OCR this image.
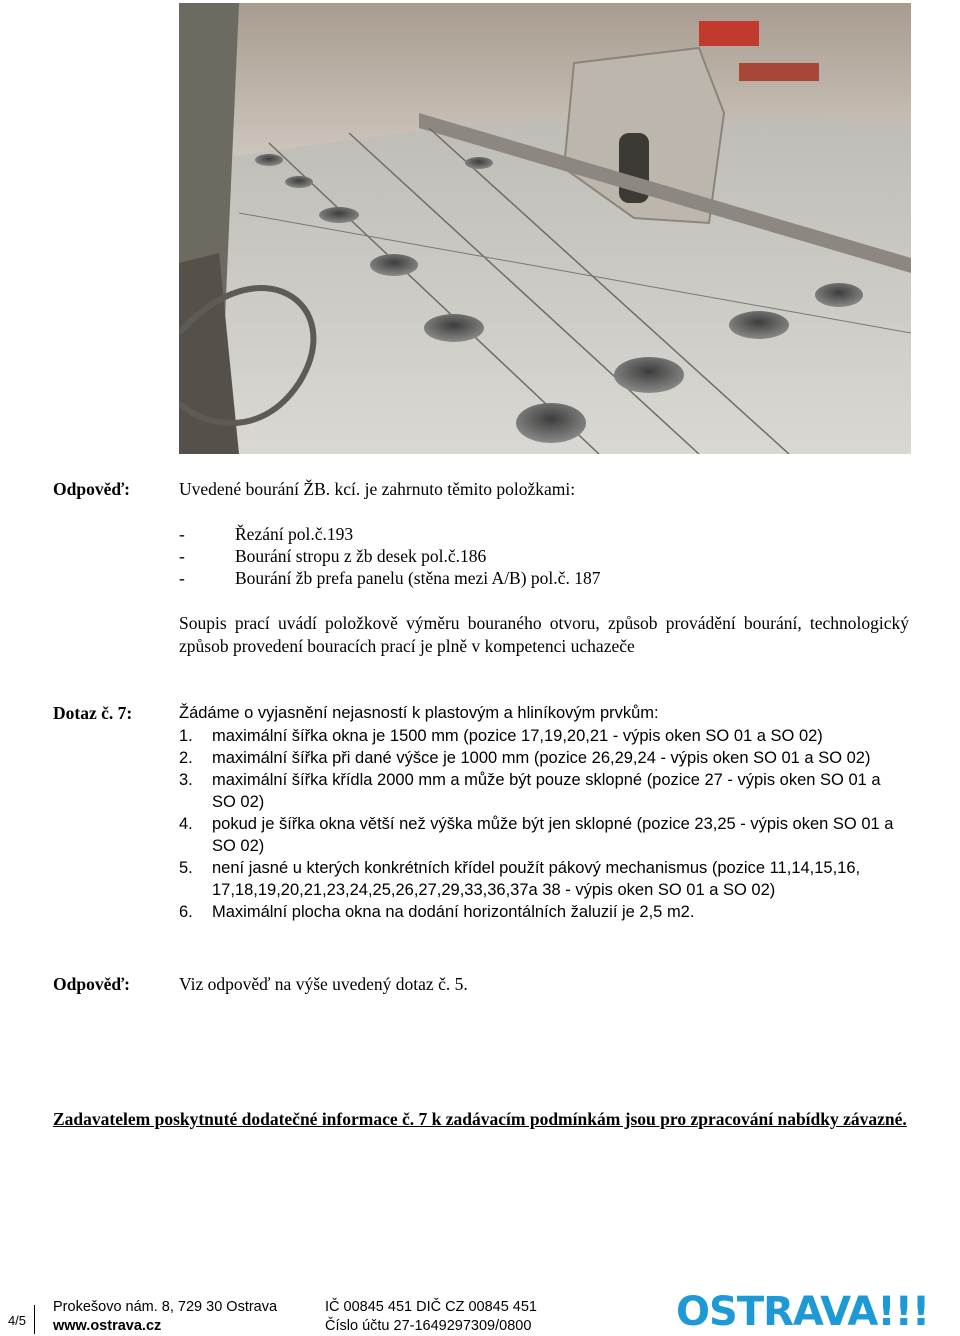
Odpověď:	Uvedené bourání ŽB. kcí. je zahrnuto těmito položkami:
- Řezání pol.č.193
- Bourání stropu z žb desek pol.č.186
- Bourání žb prefa panelu (stěna mezi A/B) pol.č. 187
Soupis prací uvádí položkově výměru bouraného otvoru, způsob provádění bourání, technologický způsob provedení bouracích prací je plně v kompetenci uchazeče
Dotaz č. 7:	Žádáme o vyjasnění nejasností k plastovým a hliníkovým prvkům:
1. maximální šířka okna je 1500 mm (pozice 17,19,20,21 - výpis oken SO 01 a SO 02)
2. maximální šířka při dané výšce je 1000 mm (pozice 26,29,24 - výpis oken SO 01 a SO 02)
3. maximální šířka křídla 2000 mm a může být pouze sklopné (pozice 27 - výpis oken SO 01 a SO 02)
4. pokud je šířka okna větší než výška může být jen sklopné (pozice 23,25 - výpis oken SO 01 a SO 02)
5. není jasné u kterých konkrétních křídel použít pákový mechanismus (pozice 11,14,15,16, 17,18,19,20,21,23,24,25,26,27,29,33,36,37a 38 - výpis oken SO 01 a SO 02)
6. Maximální plocha okna na dodání horizontálních žaluzií je 2,5 m2.
Odpověď:	Viz odpověď na výše uvedený dotaz č. 5.
Zadavatelem poskytnuté dodatečné informace č. 7 k zadávacím podmínkám jsou pro zpracování nabídky závazné.
4/5
Prokešovo nám. 8, 729 30 Ostrava
www.ostrava.cz
IČ 00845 451 DIČ CZ 00845 451
Číslo účtu 27-1649297309/0800	OSTRAVA!!!
